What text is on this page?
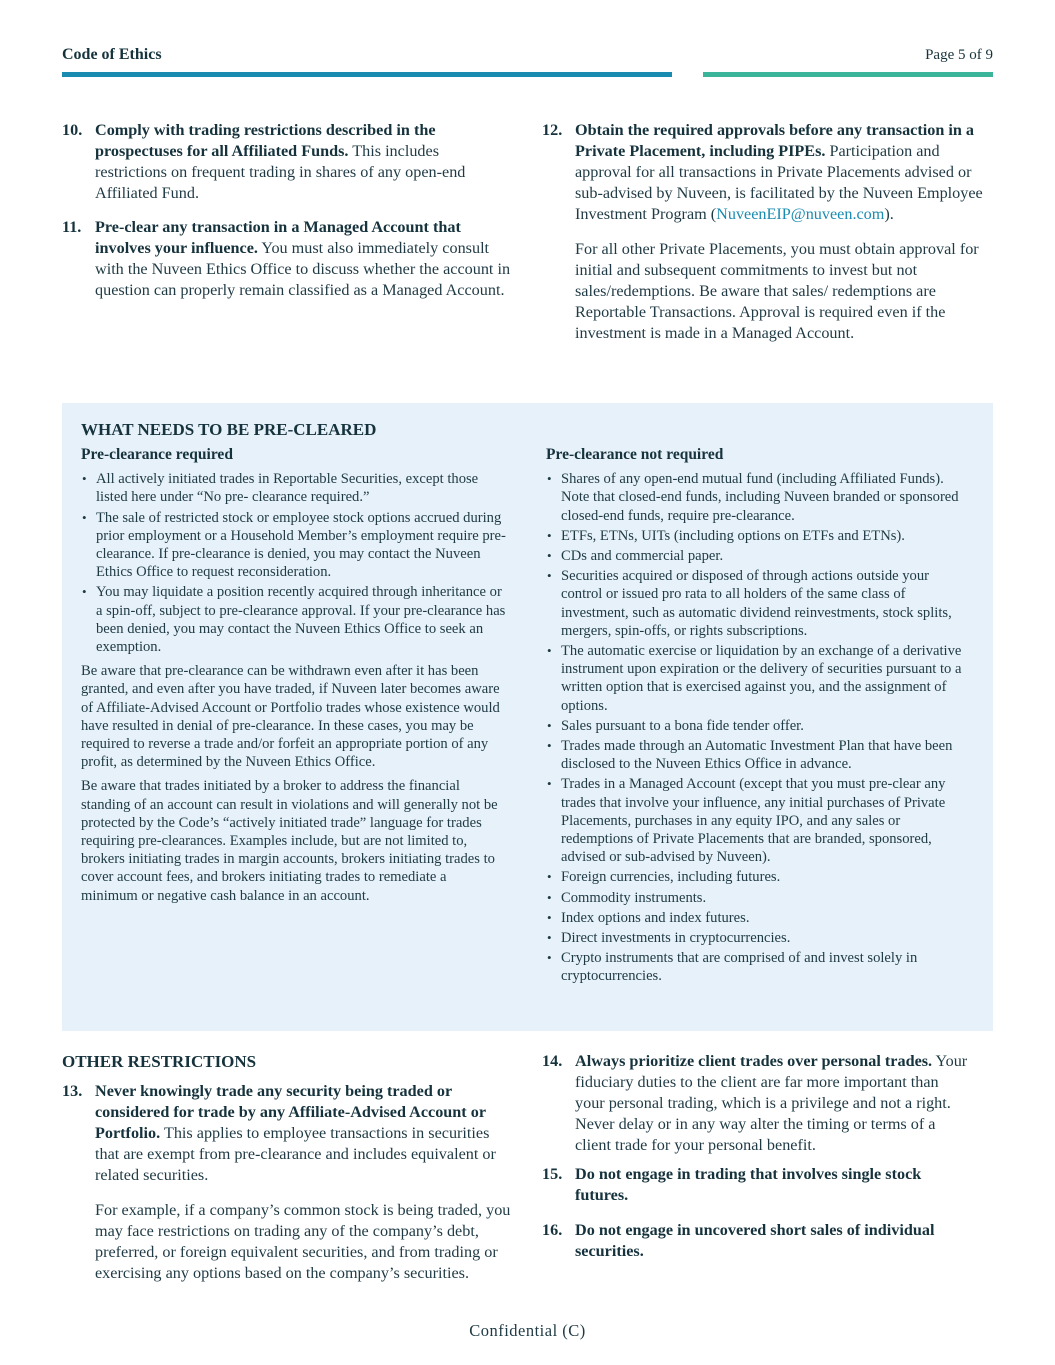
Code of Ethics	Page 5 of 9
10. Comply with trading restrictions described in the prospectuses for all Affiliated Funds. This includes restrictions on frequent trading in shares of any open-end Affiliated Fund.

11. Pre-clear any transaction in a Managed Account that involves your influence. You must also immediately consult with the Nuveen Ethics Office to discuss whether the account in question can properly remain classified as a Managed Account.

12. Obtain the required approvals before any transaction in a Private Placement, including PIPEs. Participation and approval for all transactions in Private Placements advised or sub-advised by Nuveen, is facilitated by the Nuveen Employee Investment Program (NuveenEIP@nuveen.com).

For all other Private Placements, you must obtain approval for initial and subsequent commitments to invest but not sales/redemptions. Be aware that sales/ redemptions are Reportable Transactions. Approval is required even if the investment is made in a Managed Account.

WHAT NEEDS TO BE PRE-CLEARED
Pre-clearance required
• All actively initiated trades in Reportable Securities, except those listed here under “No pre- clearance required.”
• The sale of restricted stock or employee stock options accrued during prior employment or a Household Member’s employment require pre-clearance. If pre-clearance is denied, you may contact the Nuveen Ethics Office to request reconsideration.
• You may liquidate a position recently acquired through inheritance or a spin-off, subject to pre-clearance approval. If your pre-clearance has been denied, you may contact the Nuveen Ethics Office to seek an exemption.

Be aware that pre-clearance can be withdrawn even after it has been granted, and even after you have traded, if Nuveen later becomes aware of Affiliate-Advised Account or Portfolio trades whose existence would have resulted in denial of pre-clearance. In these cases, you may be required to reverse a trade and/or forfeit an appropriate portion of any profit, as determined by the Nuveen Ethics Office.

Be aware that trades initiated by a broker to address the financial standing of an account can result in violations and will generally not be protected by the Code’s “actively initiated trade” language for trades requiring pre-clearances. Examples include, but are not limited to, brokers initiating trades in margin accounts, brokers initiating trades to cover account fees, and brokers initiating trades to remediate a minimum or negative cash balance in an account.

Pre-clearance not required
• Shares of any open-end mutual fund (including Affiliated Funds). Note that closed-end funds, including Nuveen branded or sponsored closed-end funds, require pre-clearance.
• ETFs, ETNs, UITs (including options on ETFs and ETNs).
• CDs and commercial paper.
• Securities acquired or disposed of through actions outside your control or issued pro rata to all holders of the same class of investment, such as automatic dividend reinvestments, stock splits, mergers, spin-offs, or rights subscriptions.
• The automatic exercise or liquidation by an exchange of a derivative instrument upon expiration or the delivery of securities pursuant to a written option that is exercised against you, and the assignment of options.
• Sales pursuant to a bona fide tender offer.
• Trades made through an Automatic Investment Plan that have been disclosed to the Nuveen Ethics Office in advance.
• Trades in a Managed Account (except that you must pre-clear any trades that involve your influence, any initial purchases of Private Placements, purchases in any equity IPO, and any sales or redemptions of Private Placements that are branded, sponsored, advised or sub-advised by Nuveen).
• Foreign currencies, including futures.
• Commodity instruments.
• Index options and index futures.
• Direct investments in cryptocurrencies.
• Crypto instruments that are comprised of and invest solely in cryptocurrencies.
OTHER RESTRICTIONS
13. Never knowingly trade any security being traded or considered for trade by any Affiliate-Advised Account or Portfolio. This applies to employee transactions in securities that are exempt from pre-clearance and includes equivalent or related securities.

For example, if a company’s common stock is being traded, you may face restrictions on trading any of the company’s debt, preferred, or foreign equivalent securities, and from trading or exercising any options based on the company’s securities.

14. Always prioritize client trades over personal trades. Your fiduciary duties to the client are far more important than your personal trading, which is a privilege and not a right. Never delay or in any way alter the timing or terms of a client trade for your personal benefit.

15. Do not engage in trading that involves single stock futures.

16. Do not engage in uncovered short sales of individual securities.

Confidential (C)
